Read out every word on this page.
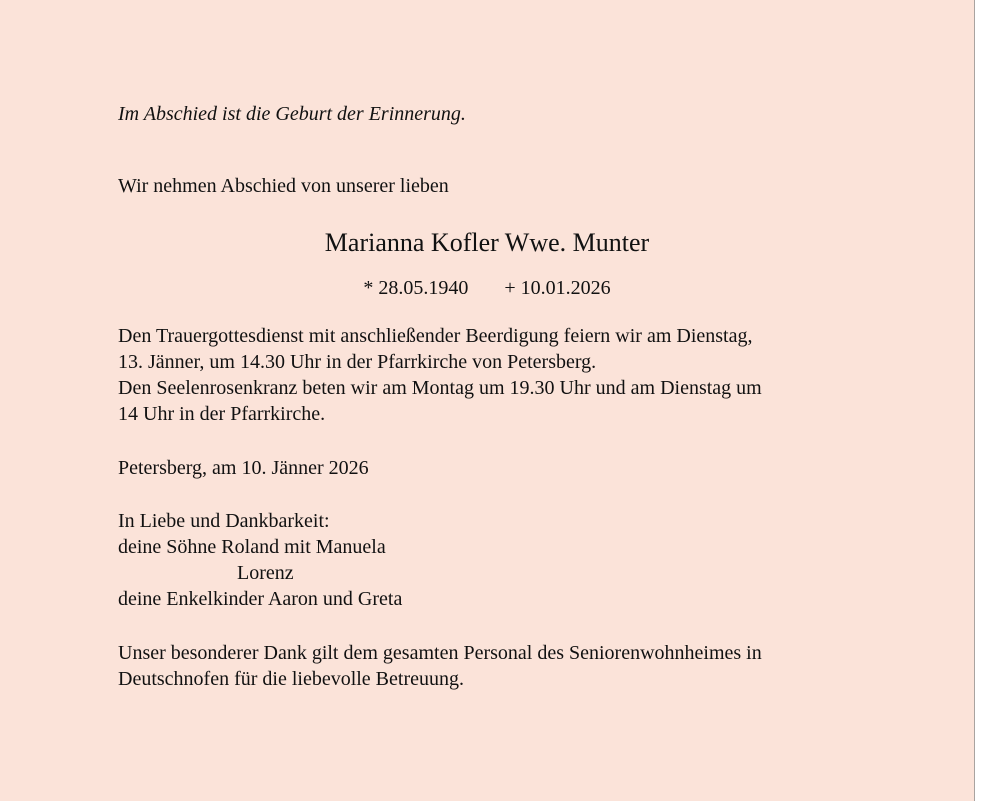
Im Abschied ist die Geburt der Erinnerung.
Wir nehmen Abschied von unserer lieben
Marianna Kofler Wwe. Munter
* 28.05.1940 + 10.01.2026
Den Trauergottesdienst mit anschließender Beerdigung feiern wir am Dienstag,
13. Jänner, um 14.30 Uhr in der Pfarrkirche von Petersberg.
Den Seelenrosenkranz beten wir am Montag um 19.30 Uhr und am Dienstag um
14 Uhr in der Pfarrkirche.
Petersberg, am 10. Jänner 2026
In Liebe und Dankbarkeit:
deine Söhne Roland mit Manuela
Lorenz
deine Enkelkinder Aaron und Greta
Unser besonderer Dank gilt dem gesamten Personal des Seniorenwohnheimes in
Deutschnofen für die liebevolle Betreuung.
